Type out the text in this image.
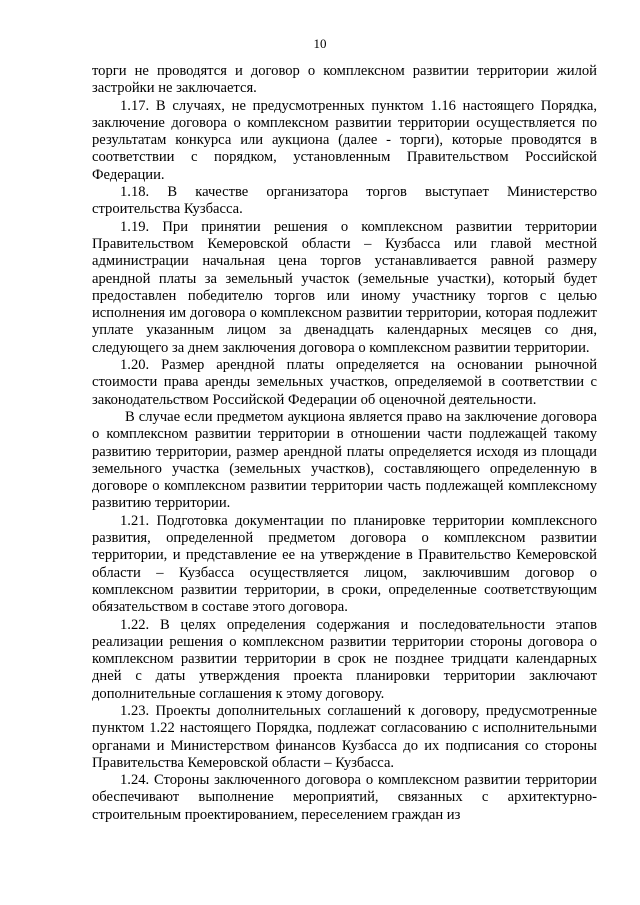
10

торги не проводятся и договор о комплексном развитии территории жилой застройки не заключается.

1.17. В случаях, не предусмотренных пунктом 1.16 настоящего Порядка, заключение договора о комплексном развитии территории осуществляется по результатам конкурса или аукциона (далее - торги), которые проводятся в соответствии с порядком, установленным Правительством Российской Федерации.

1.18. В качестве организатора торгов выступает Министерство строительства Кузбасса.

1.19. При принятии решения о комплексном развитии территории Правительством Кемеровской области – Кузбасса или главой местной администрации начальная цена торгов устанавливается равной размеру арендной платы за земельный участок (земельные участки), который будет предоставлен победителю торгов или иному участнику торгов с целью исполнения им договора о комплексном развитии территории, которая подлежит уплате указанным лицом за двенадцать календарных месяцев со дня, следующего за днем заключения договора о комплексном развитии территории.

1.20. Размер арендной платы определяется на основании рыночной стоимости права аренды земельных участков, определяемой в соответствии с законодательством Российской Федерации об оценочной деятельности.

В случае если предметом аукциона является право на заключение договора о комплексном развитии территории в отношении части подлежащей такому развитию территории, размер арендной платы определяется исходя из площади земельного участка (земельных участков), составляющего определенную в договоре о комплексном развитии территории часть подлежащей комплексному развитию территории.

1.21. Подготовка документации по планировке территории комплексного развития, определенной предметом договора о комплексном развитии территории, и представление ее на утверждение в Правительство Кемеровской области – Кузбасса осуществляется лицом, заключившим договор о комплексном развитии территории, в сроки, определенные соответствующим обязательством в составе этого договора.

1.22. В целях определения содержания и последовательности этапов реализации решения о комплексном развитии территории стороны договора о комплексном развитии территории в срок не позднее тридцати календарных дней с даты утверждения проекта планировки территории заключают дополнительные соглашения к этому договору.

1.23. Проекты дополнительных соглашений к договору, предусмотренные пунктом 1.22 настоящего Порядка, подлежат согласованию с исполнительными органами и Министерством финансов Кузбасса до их подписания со стороны Правительства Кемеровской области – Кузбасса.

1.24. Стороны заключенного договора о комплексном развитии территории обеспечивают выполнение мероприятий, связанных с архитектурно-строительным проектированием, переселением граждан из
